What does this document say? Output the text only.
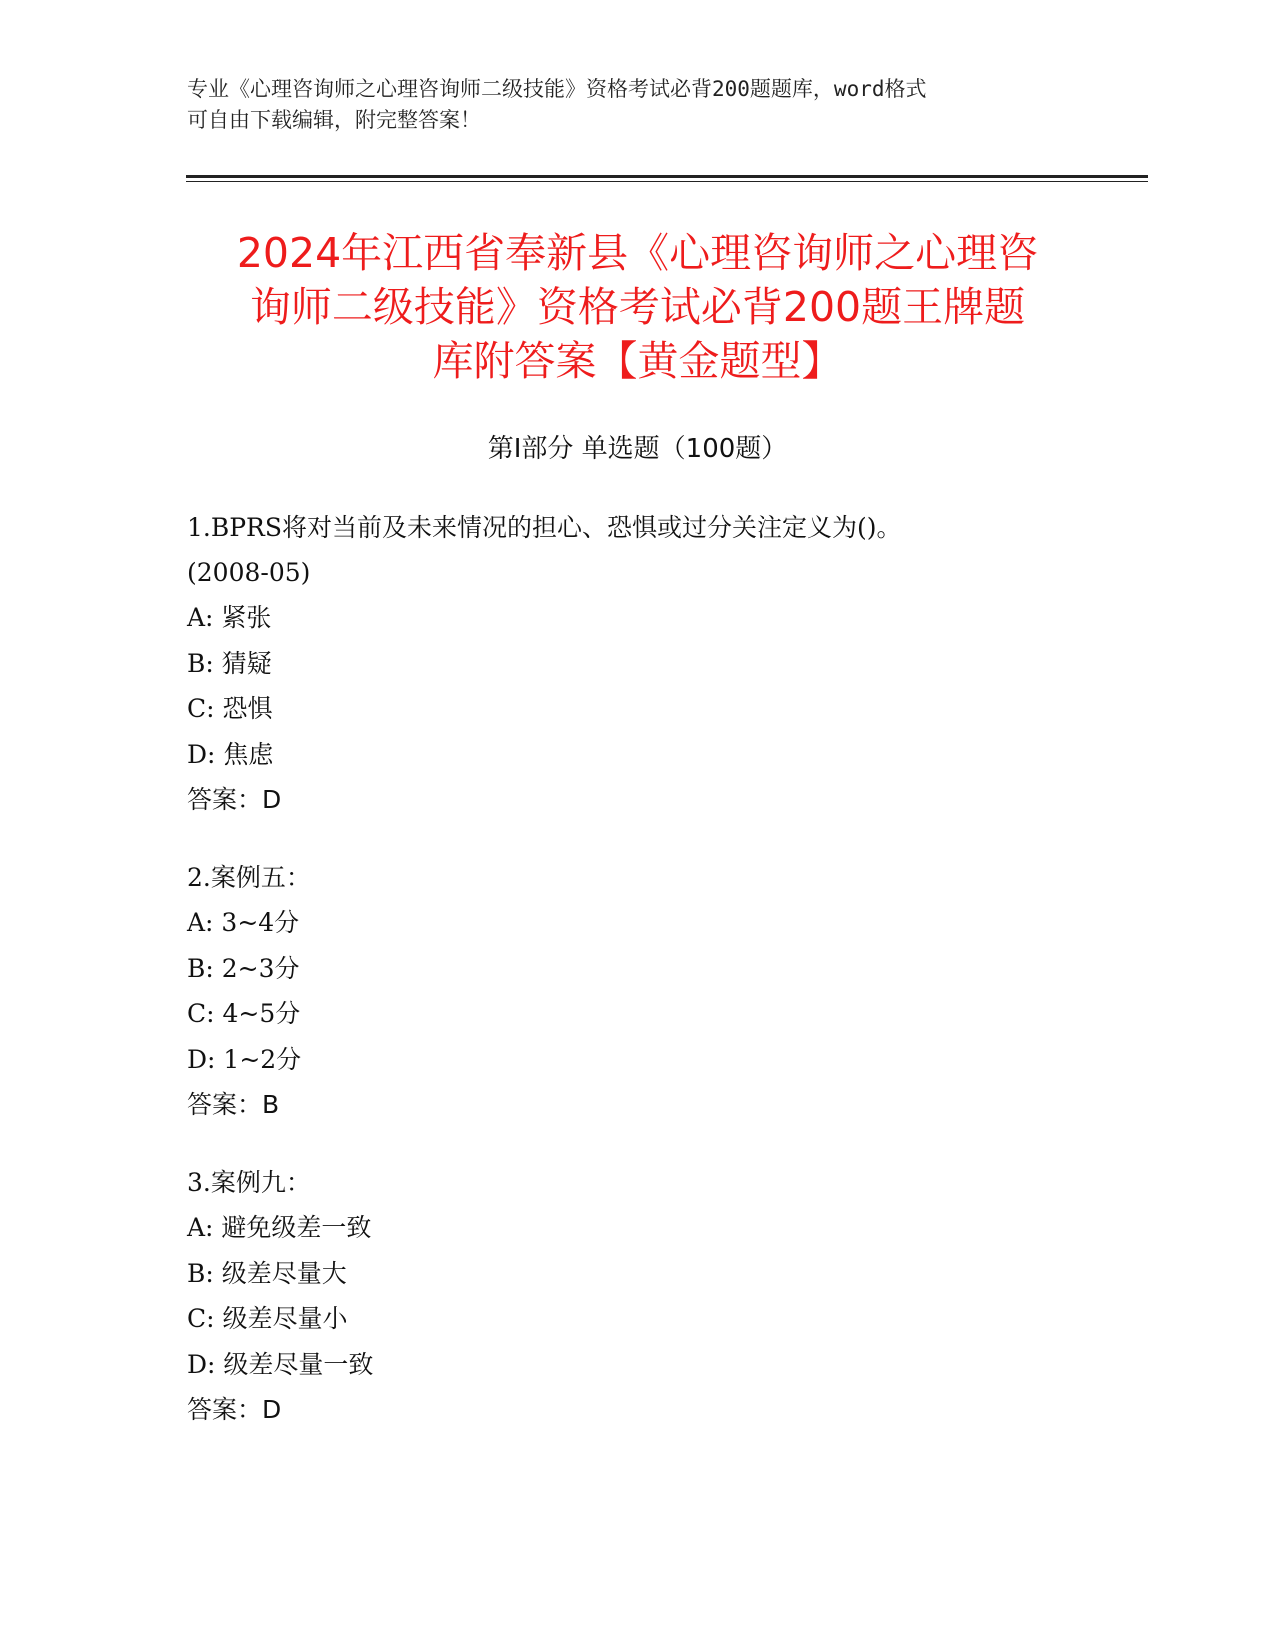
专业《心理咨询师之心理咨询师二级技能》资格考试必背200题题库，word格式
可自由下载编辑，附完整答案！
2024年江西省奉新县《心理咨询师之心理咨
询师二级技能》资格考试必背200题王牌题
库附答案【黄金题型】
第Ⅰ部分 单选题（100题）

1.BPRS将对当前及未来情况的担心、恐惧或过分关注定义为()。

(2008-05)

A: 紧张

B: 猜疑

C: 恐惧

D: 焦虑

答案：D

2.案例五：

A: 3~4分

B: 2~3分

C: 4~5分

D: 1~2分

答案：B

3.案例九：

A: 避免级差一致

B: 级差尽量大

C: 级差尽量小

D: 级差尽量一致

答案：D
